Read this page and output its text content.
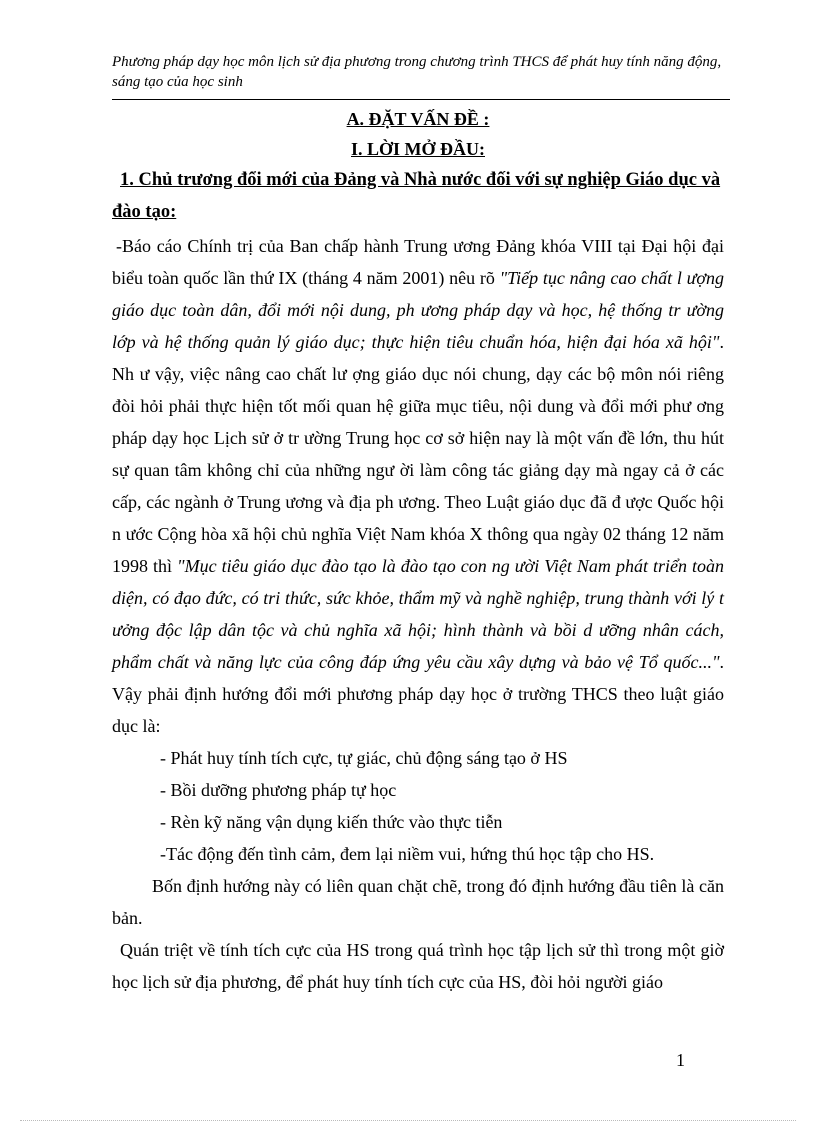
Phương pháp dạy học môn lịch sử địa phương trong chương trình THCS để phát huy tính năng động, sáng tạo của học sinh
A. ĐẶT VẤN ĐỀ :
I. LỜI MỞ ĐẦU:
1. Chủ trương đổi mới của Đảng và Nhà nước đối với sự nghiệp Giáo dục và đào tạo:

-Báo cáo Chính trị của Ban chấp hành Trung ương Đảng khóa VIII tại Đại hội đại biểu toàn quốc lần thứ IX (tháng 4 năm 2001) nêu rõ "Tiếp tục nâng cao chất l ượng giáo dục toàn dân, đổi mới nội dung, ph ương pháp dạy và học, hệ thống tr ường lớp và hệ thống quản lý giáo dục; thực hiện tiêu chuẩn hóa, hiện đại hóa xã hội". Nh ư vậy, việc nâng cao chất lư ợng giáo dục nói chung, dạy các bộ môn nói riêng đòi hỏi phải thực hiện tốt mối quan hệ giữa mục tiêu, nội dung và đổi mới phư ơng pháp dạy học Lịch sử ở tr ường Trung học cơ sở hiện nay là một vấn đề lớn, thu hút sự quan tâm không chỉ của những ngư ời làm công tác giảng dạy mà ngay cả ở các cấp, các ngành ở Trung ương và địa ph ương. Theo Luật giáo dục đã đ ược Quốc hội n ước Cộng hòa xã hội chủ nghĩa Việt Nam khóa X thông qua ngày 02 tháng 12 năm 1998 thì "Mục tiêu giáo dục đào tạo là đào tạo con ng ười Việt Nam phát triển toàn diện, có đạo đức, có tri thức, sức khỏe, thẩm mỹ và nghề nghiệp, trung thành với lý t ưởng độc lập dân tộc và chủ nghĩa xã hội; hình thành và bồi d ưỡng nhân cách, phẩm chất và năng lực của công đáp ứng yêu cầu xây dựng và bảo vệ Tổ quốc...". Vậy phải định hướng đổi mới phương pháp dạy học ở trường THCS theo luật giáo dục là:

- Phát huy tính tích cực, tự giác, chủ động sáng tạo ở HS

- Bồi dưỡng phương pháp tự học

- Rèn kỹ năng vận dụng kiến thức vào thực tiễn

-Tác động đến tình cảm, đem lại niềm vui, hứng thú học tập cho HS.

Bốn định hướng này có liên quan chặt chẽ, trong đó định hướng đầu tiên là căn bản.

Quán triệt về tính tích cực của HS trong quá trình học tập lịch sử thì trong một giờ học lịch sử địa phương, để phát huy tính tích cực của HS, đòi hỏi người giáo

1
